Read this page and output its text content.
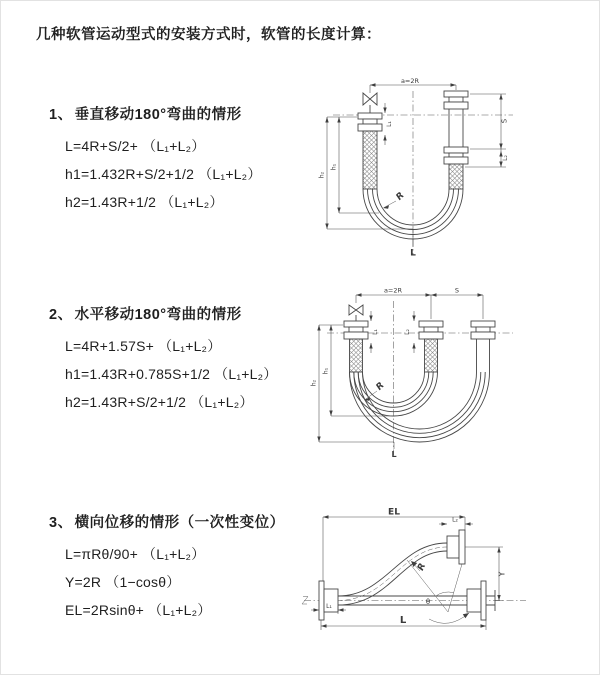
几种软管运动型式的安装方式时，软管的长度计算：
1、 垂直移动180°弯曲的情形
L=4R+S/2+ （L₁+L₂）
h1=1.432R+S/2+1/2 （L₁+L₂）
h2=1.43R+1/2 （L₁+L₂）
2、 水平移动180°弯曲的情形
L=4R+1.57S+ （L₁+L₂）
h1=1.43R+0.785S+1/2 （L₁+L₂）
h2=1.43R+S/2+1/2 （L₁+L₂）
3、 横向位移的情形（一次性变位）
L=πRθ/90+ （L₁+L₂）
Y=2R （1−cosθ）
EL=2Rsinθ+ （L₁+L₂）
a=2R
h₁
h₂
L
L₁
S
L₂
R
a=2R	S
h₁
h₂
L
L₁	L₂
R
θ
EL
L₂
Y
L
L₁
R
